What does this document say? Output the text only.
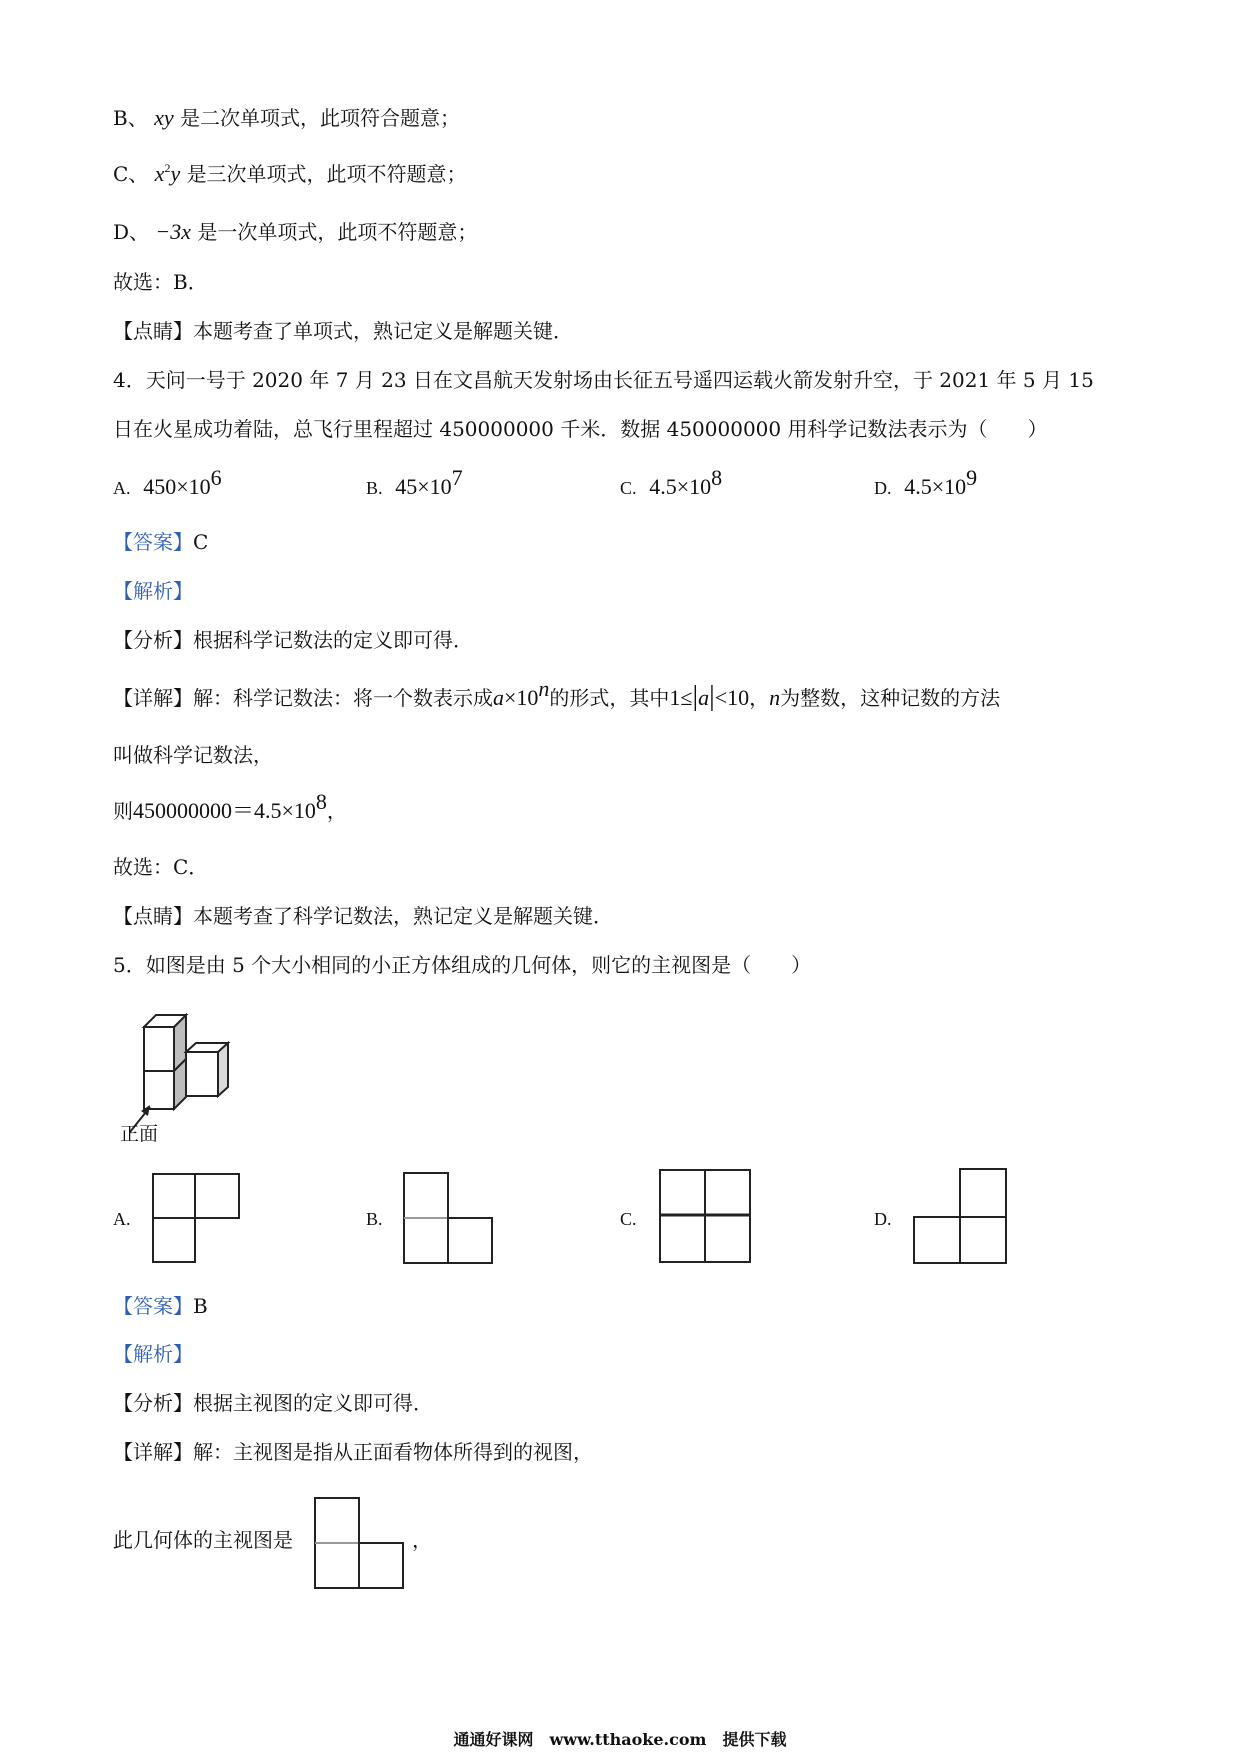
B、 xy 是二次单项式，此项符合题意；
C、 $x^2y$ 是三次单项式，此项不符题意；
D、 −3x 是一次单项式，此项不符题意；
故选：B．
【点睛】本题考查了单项式，熟记定义是解题关键．
4．天问一号于 2020 年 7 月 23 日在文昌航天发射场由长征五号遥四运载火箭发射升空，于 2021 年 5 月 15
日在火星成功着陆，总飞行里程超过 450000000 千米．数据 450000000 用科学记数法表示为（　　）
A. $450\times 10^6$	B. $45\times 10^7$	C. $4.5\times 10^8$	D. $4.5\times 10^9$
【答案】C
【解析】
【分析】根据科学记数法的定义即可得．
【详解】解：科学记数法：将一个数表示成$a\times 10^n$的形式，其中1≤|a|<10，n为整数，这种记数的方法
叫做科学记数法，
则$450000000=4.5\times 10^8$，
故选：C．
【点睛】本题考查了科学记数法，熟记定义是解题关键．
5．如图是由 5 个大小相同的小正方体组成的几何体，则它的主视图是（　　）
正面
A.	B.	C.	D.
【答案】B
【解析】
【分析】根据主视图的定义即可得．
【详解】解：主视图是指从正面看物体所得到的视图，
此几何体的主视图是	，
通通好课网　www.tthaoke.com　提供下载
